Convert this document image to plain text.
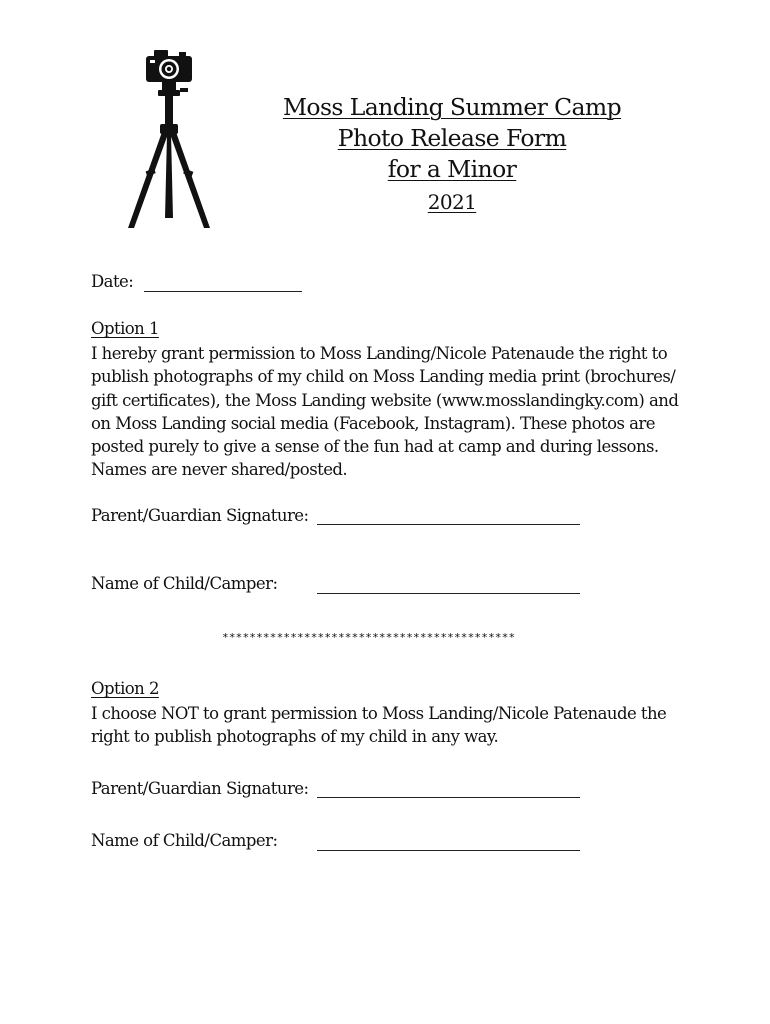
Moss Landing Summer Camp
Photo Release Form
for a Minor
2021
Date:
Option 1
I hereby grant permission to Moss Landing/Nicole Patenaude the right to
publish photographs of my child on Moss Landing media print (brochures/
gift certificates), the Moss Landing website (www.mosslandingky.com) and
on Moss Landing social media (Facebook, Instagram). These photos are
posted purely to give a sense of the fun had at camp and during lessons.
Names are never shared/posted.
Parent/Guardian Signature:
Name of Child/Camper:
*******************************************
Option 2
I choose NOT to grant permission to Moss Landing/Nicole Patenaude the
right to publish photographs of my child in any way.
Parent/Guardian Signature:
Name of Child/Camper:
